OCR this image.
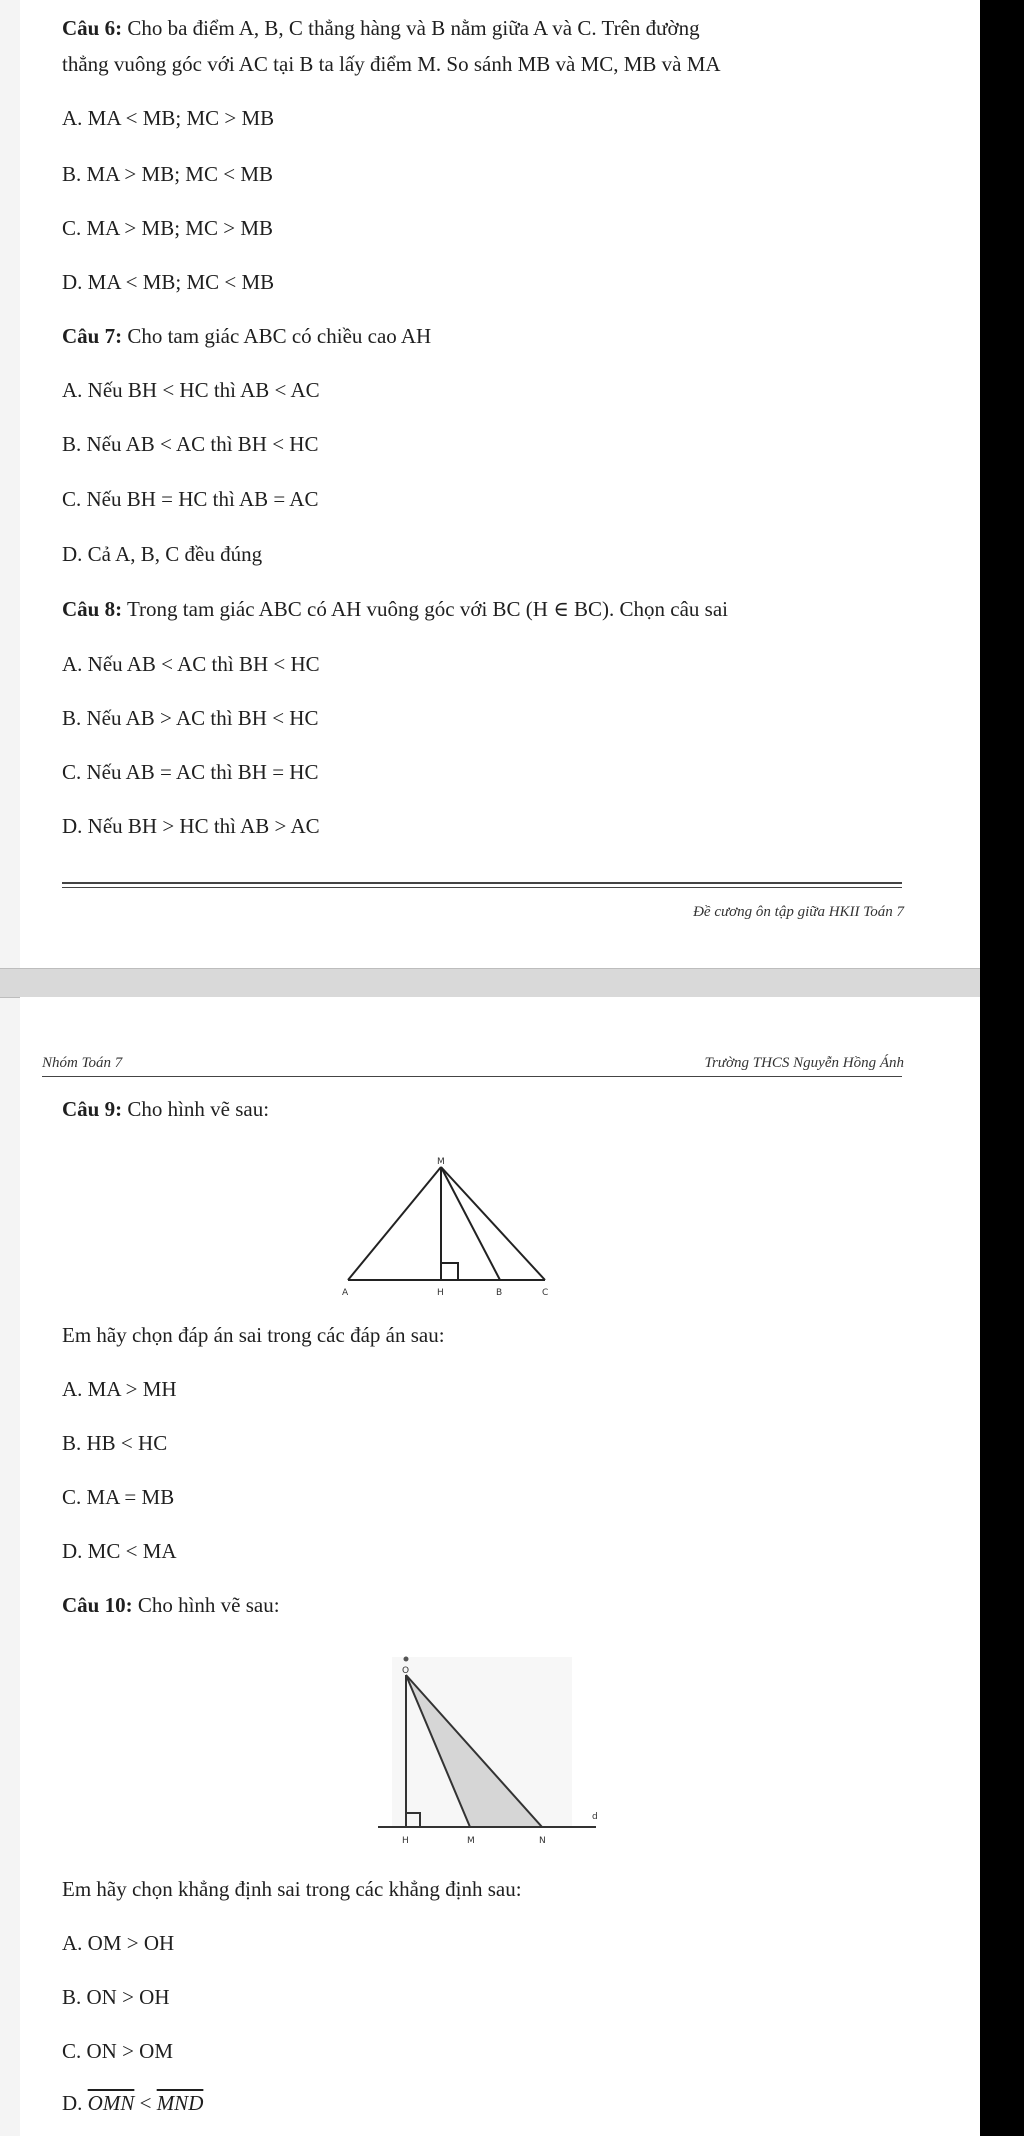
Câu 6: Cho ba điểm A, B, C thẳng hàng và B nằm giữa A và C. Trên đường
thẳng vuông góc với AC tại B ta lấy điểm M. So sánh MB và MC, MB và MA
A. MA < MB; MC > MB
B. MA > MB; MC < MB
C. MA > MB; MC > MB
D. MA < MB; MC < MB
Câu 7: Cho tam giác ABC có chiều cao AH
A. Nếu BH < HC thì AB < AC
B. Nếu AB < AC thì BH < HC
C. Nếu BH = HC thì AB = AC
D. Cả A, B, C đều đúng
Câu 8: Trong tam giác ABC có AH vuông góc với BC (H ∈ BC). Chọn câu sai
A. Nếu AB < AC thì BH < HC
B. Nếu AB > AC thì BH < HC
C. Nếu AB = AC thì BH = HC
D. Nếu BH > HC thì AB > AC
Đề cương ôn tập giữa HKII Toán 7
Nhóm Toán 7	Trường THCS Nguyễn Hồng Ánh
Câu 9: Cho hình vẽ sau:
M
A	H	B	C
Em hãy chọn đáp án sai trong các đáp án sau:
A. MA > MH
B. HB < HC
C. MA = MB
D. MC < MA
Câu 10: Cho hình vẽ sau:
O
H	M	N
d
Em hãy chọn khẳng định sai trong các khẳng định sau:
A. OM > OH
B. ON > OH
C. ON > OM
D. $\overline{OMN} < \overline{MND}$
